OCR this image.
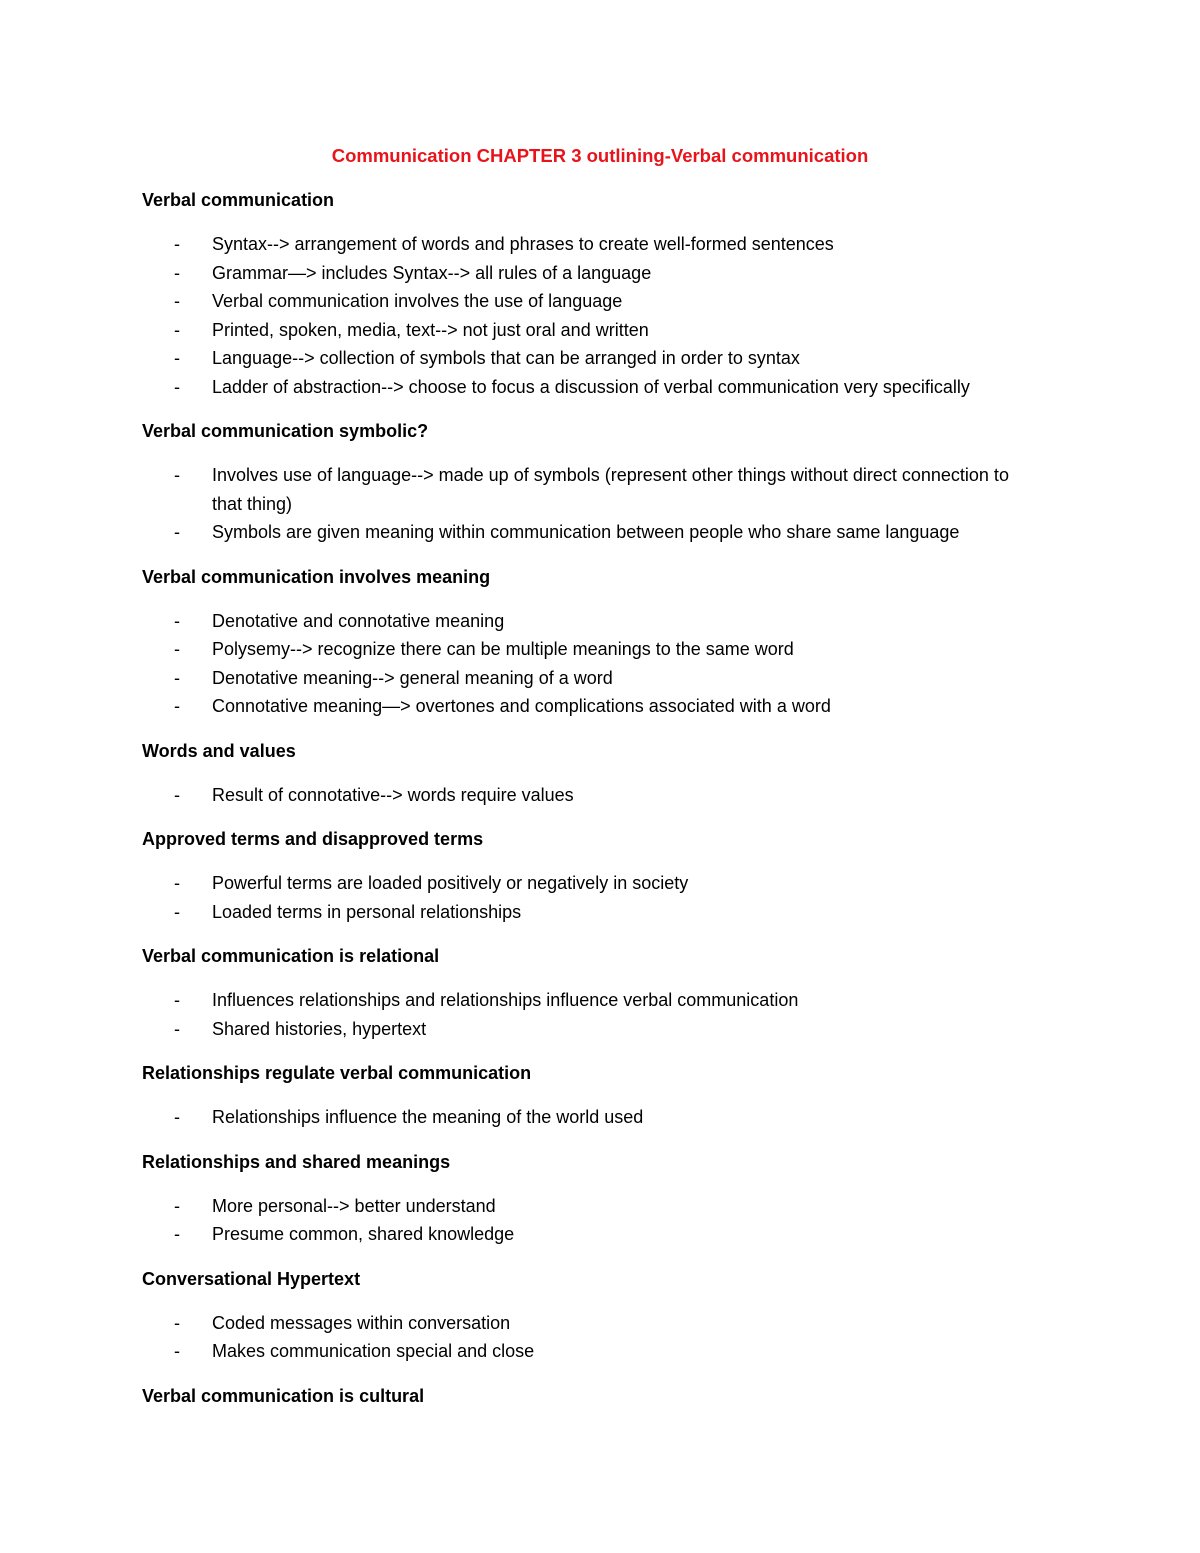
Communication CHAPTER 3 outlining-Verbal communication
Verbal communication
- Syntax--> arrangement of words and phrases to create well-formed sentences
- Grammar—> includes Syntax--> all rules of a language
- Verbal communication involves the use of language
- Printed, spoken, media, text--> not just oral and written
- Language--> collection of symbols that can be arranged in order to syntax
- Ladder of abstraction--> choose to focus a discussion of verbal communication very specifically
Verbal communication symbolic?
- Involves use of language--> made up of symbols (represent other things without direct connection to that thing)
- Symbols are given meaning within communication between people who share same language
Verbal communication involves meaning
- Denotative and connotative meaning
- Polysemy--> recognize there can be multiple meanings to the same word
- Denotative meaning--> general meaning of a word
- Connotative meaning—> overtones and complications associated with a word
Words and values
- Result of connotative--> words require values
Approved terms and disapproved terms
- Powerful terms are loaded positively or negatively in society
- Loaded terms in personal relationships
Verbal communication is relational
- Influences relationships and relationships influence verbal communication
- Shared histories, hypertext
Relationships regulate verbal communication
- Relationships influence the meaning of the world used
Relationships and shared meanings
- More personal--> better understand
- Presume common, shared knowledge
Conversational Hypertext
- Coded messages within conversation
- Makes communication special and close
Verbal communication is cultural
